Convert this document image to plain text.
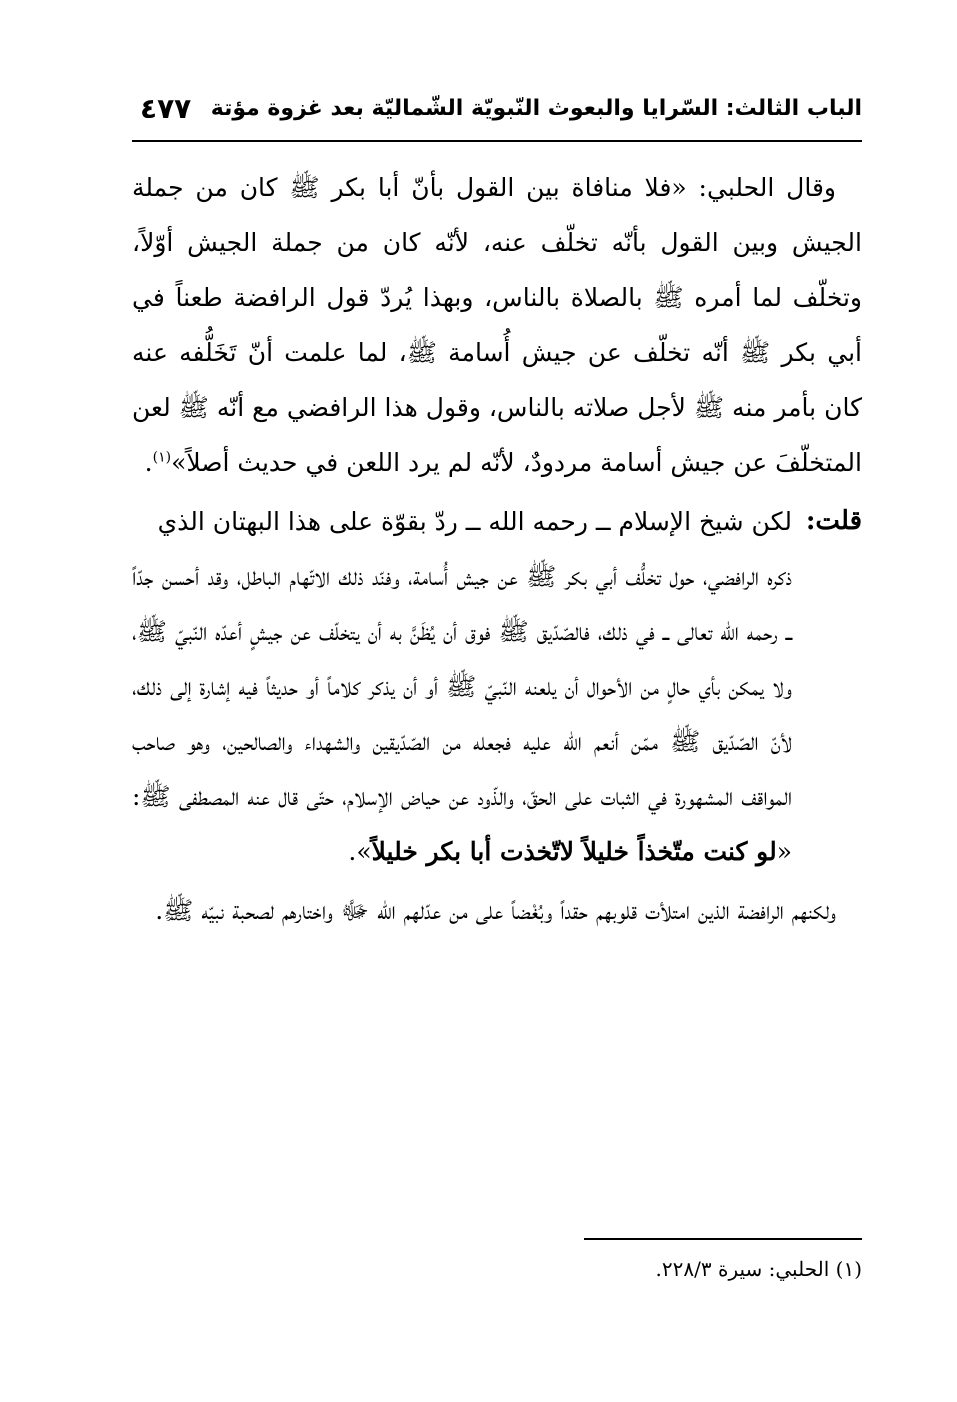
الباب الثالث: السّرايا والبعوث النّبويّة الشّماليّة بعد غزوة مؤتة
٤٧٧

وقال الحلبي: «فلا منافاة بين القول بأنّ أبا بكر ﷺ كان من جملة الجيش وبين القول بأنّه تخلّف عنه، لأنّه كان من جملة الجيش أوّلاً، وتخلّف لما أمره ﷺ بالصلاة بالناس، وبهذا يُردّ قول الرافضة طعناً في أبي بكر ﷺ أنّه تخلّف عن جيش أُسامة ﷺ، لما علمت أنّ تَخَلُّفه عنه كان بأمر منه ﷺ لأجل صلاته بالناس، وقول هذا الرافضي مع أنّه ﷺ لعن المتخلّفَ عن جيش أسامة مردودٌ، لأنّه لم يرد اللعن في حديث أصلاً»$^{(١)}$.

قلت:

لكن شيخ الإسلام ــ رحمه الله ــ ردّ بقوّة على هذا البهتان الذي

ذكره الرافضي، حول تخلُّف أبي بكر ﷺ عن جيش أُسامة، وفنّد ذلك الاتّهام الباطل، وقد أحسن جدّاً ــ رحمه الله تعالى ــ في ذلك، فالصّدّيق ﷺ فوق أن يُظَنَّ به أن يتخلّف عن جيشٍ أعدّه النّبيّ ﷺ، ولا يمكن بأي حالٍ من الأحوال أن يلعنه النّبيّ ﷺ أو أن يذكر كلاماً أو حديثاً فيه إشارة إلى ذلك، لأنّ الصّدّيق ﷺ ممّن أنعم الله عليه فجعله من الصّدّيقين والشهداء والصالحين، وهو صاحب المواقف المشهورة في الثبات على الحقّ، والذّود عن حياض الإسلام، حتّى قال عنه المصطفى ﷺ: «لو كنت متّخذاً خليلاً لاتّخذت أبا بكر خليلاً».

ولكنهم الرافضة الذين امتلأت قلوبهم حقداً وبُغْضاً على من عدّلهم الله ﷻ واختارهم لصحبة نبيّه ﷺ.

(١) الحلبي: سيرة ٢٢٨/٣.
